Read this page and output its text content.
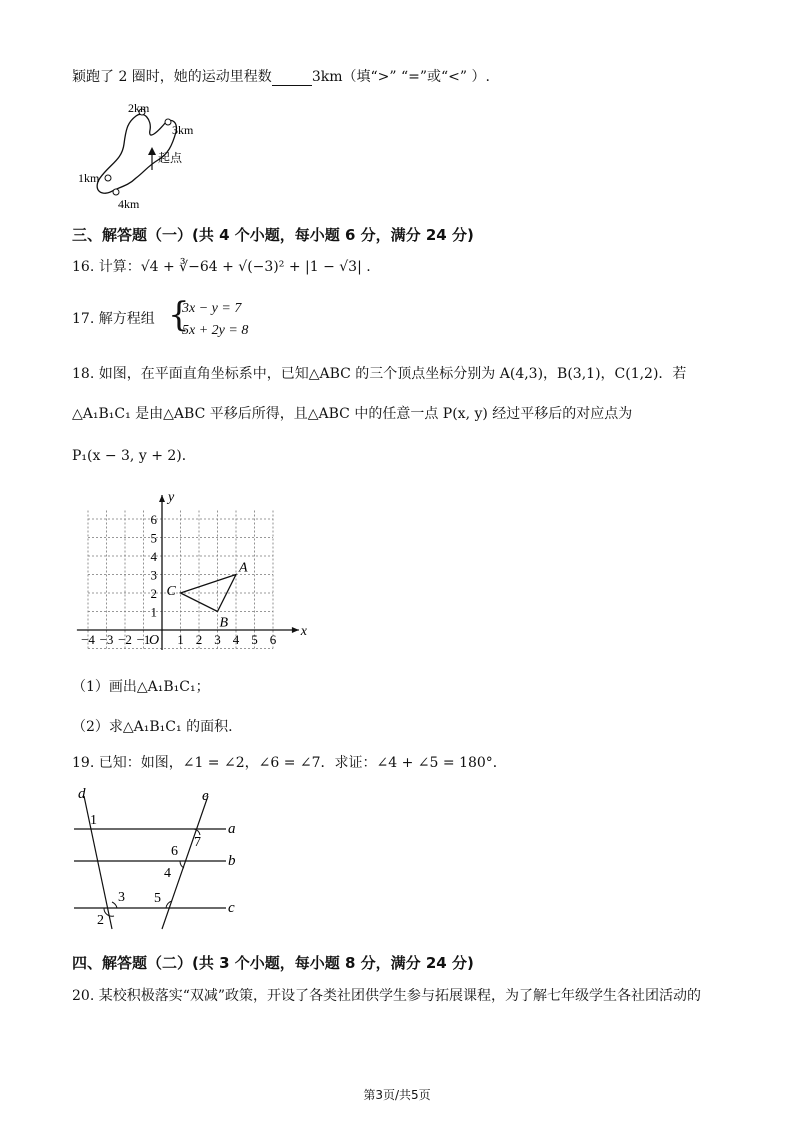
颖跑了 2 圈时，她的运动里程数	3km（填“>” “=”或“<” ）.
2km
3km
1km
4km
起点
三、解答题（一）(共 4 个小题，每小题 6 分，满分 24 分)
16. 计算：√4 + ∛−64 + √(−3)² + |1 − √3| .
17. 解方程组 {
3x − y = 7
5x + 2y = 8
18. 如图，在平面直角坐标系中，已知△ABC 的三个顶点坐标分别为 A(4,3)，B(3,1)，C(1,2)．若
△A₁B₁C₁ 是由△ABC 平移后所得，且△ABC 中的任意一点 P(x, y) 经过平移后的对应点为
P₁(x − 3, y + 2)．
x
y
O
−4 −3 −2 −1 1 2 3 4 5 6
1
2
3
4
5
6
A
B
C
（1）画出△A₁B₁C₁；
（2）求△A₁B₁C₁ 的面积.
19. 已知：如图，∠1 = ∠2，∠6 = ∠7．求证：∠4 + ∠5 = 180°．
d	e
a
b
c
1
2
3
4
5
6
7
四、解答题（二）(共 3 个小题，每小题 8 分，满分 24 分)
20. 某校积极落实“双减”政策，开设了各类社团供学生参与拓展课程，为了解七年级学生各社团活动的
第3页/共5页
